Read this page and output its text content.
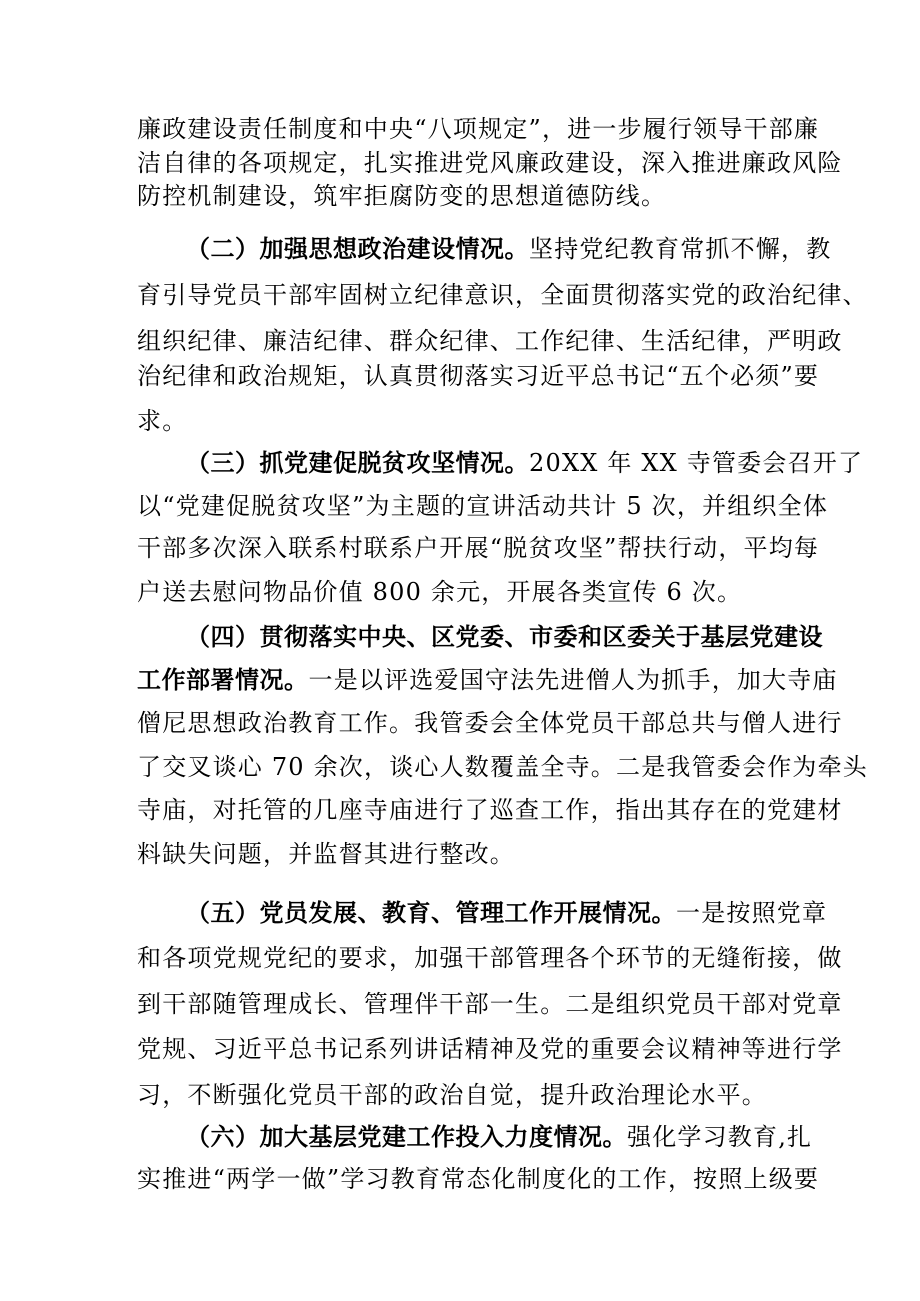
廉政建设责任制度和中央“八项规定”，进一步履行领导干部廉

洁自律的各项规定，扎实推进党风廉政建设，深入推进廉政风险

防控机制建设，筑牢拒腐防变的思想道德防线。

（二）加强思想政治建设情况。坚持党纪教育常抓不懈，教

育引导党员干部牢固树立纪律意识，全面贯彻落实党的政治纪律、

组织纪律、廉洁纪律、群众纪律、工作纪律、生活纪律，严明政

治纪律和政治规矩，认真贯彻落实习近平总书记“五个必须”要

求。

（三）抓党建促脱贫攻坚情况。20XX 年 XX 寺管委会召开了

以“党建促脱贫攻坚”为主题的宣讲活动共计 5 次，并组织全体

干部多次深入联系村联系户开展“脱贫攻坚”帮扶行动，平均每

户送去慰问物品价值 800 余元，开展各类宣传 6 次。

（四）贯彻落实中央、区党委、市委和区委关于基层党建设

工作部署情况。一是以评选爱国守法先进僧人为抓手，加大寺庙

僧尼思想政治教育工作。我管委会全体党员干部总共与僧人进行

了交叉谈心 70 余次，谈心人数覆盖全寺。二是我管委会作为牵头

寺庙，对托管的几座寺庙进行了巡查工作，指出其存在的党建材

料缺失问题，并监督其进行整改。

（五）党员发展、教育、管理工作开展情况。一是按照党章

和各项党规党纪的要求，加强干部管理各个环节的无缝衔接，做

到干部随管理成长、管理伴干部一生。二是组织党员干部对党章

党规、习近平总书记系列讲话精神及党的重要会议精神等进行学

习，不断强化党员干部的政治自觉，提升政治理论水平。

（六）加大基层党建工作投入力度情况。强化学习教育,扎

实推进“两学一做”学习教育常态化制度化的工作，按照上级要
